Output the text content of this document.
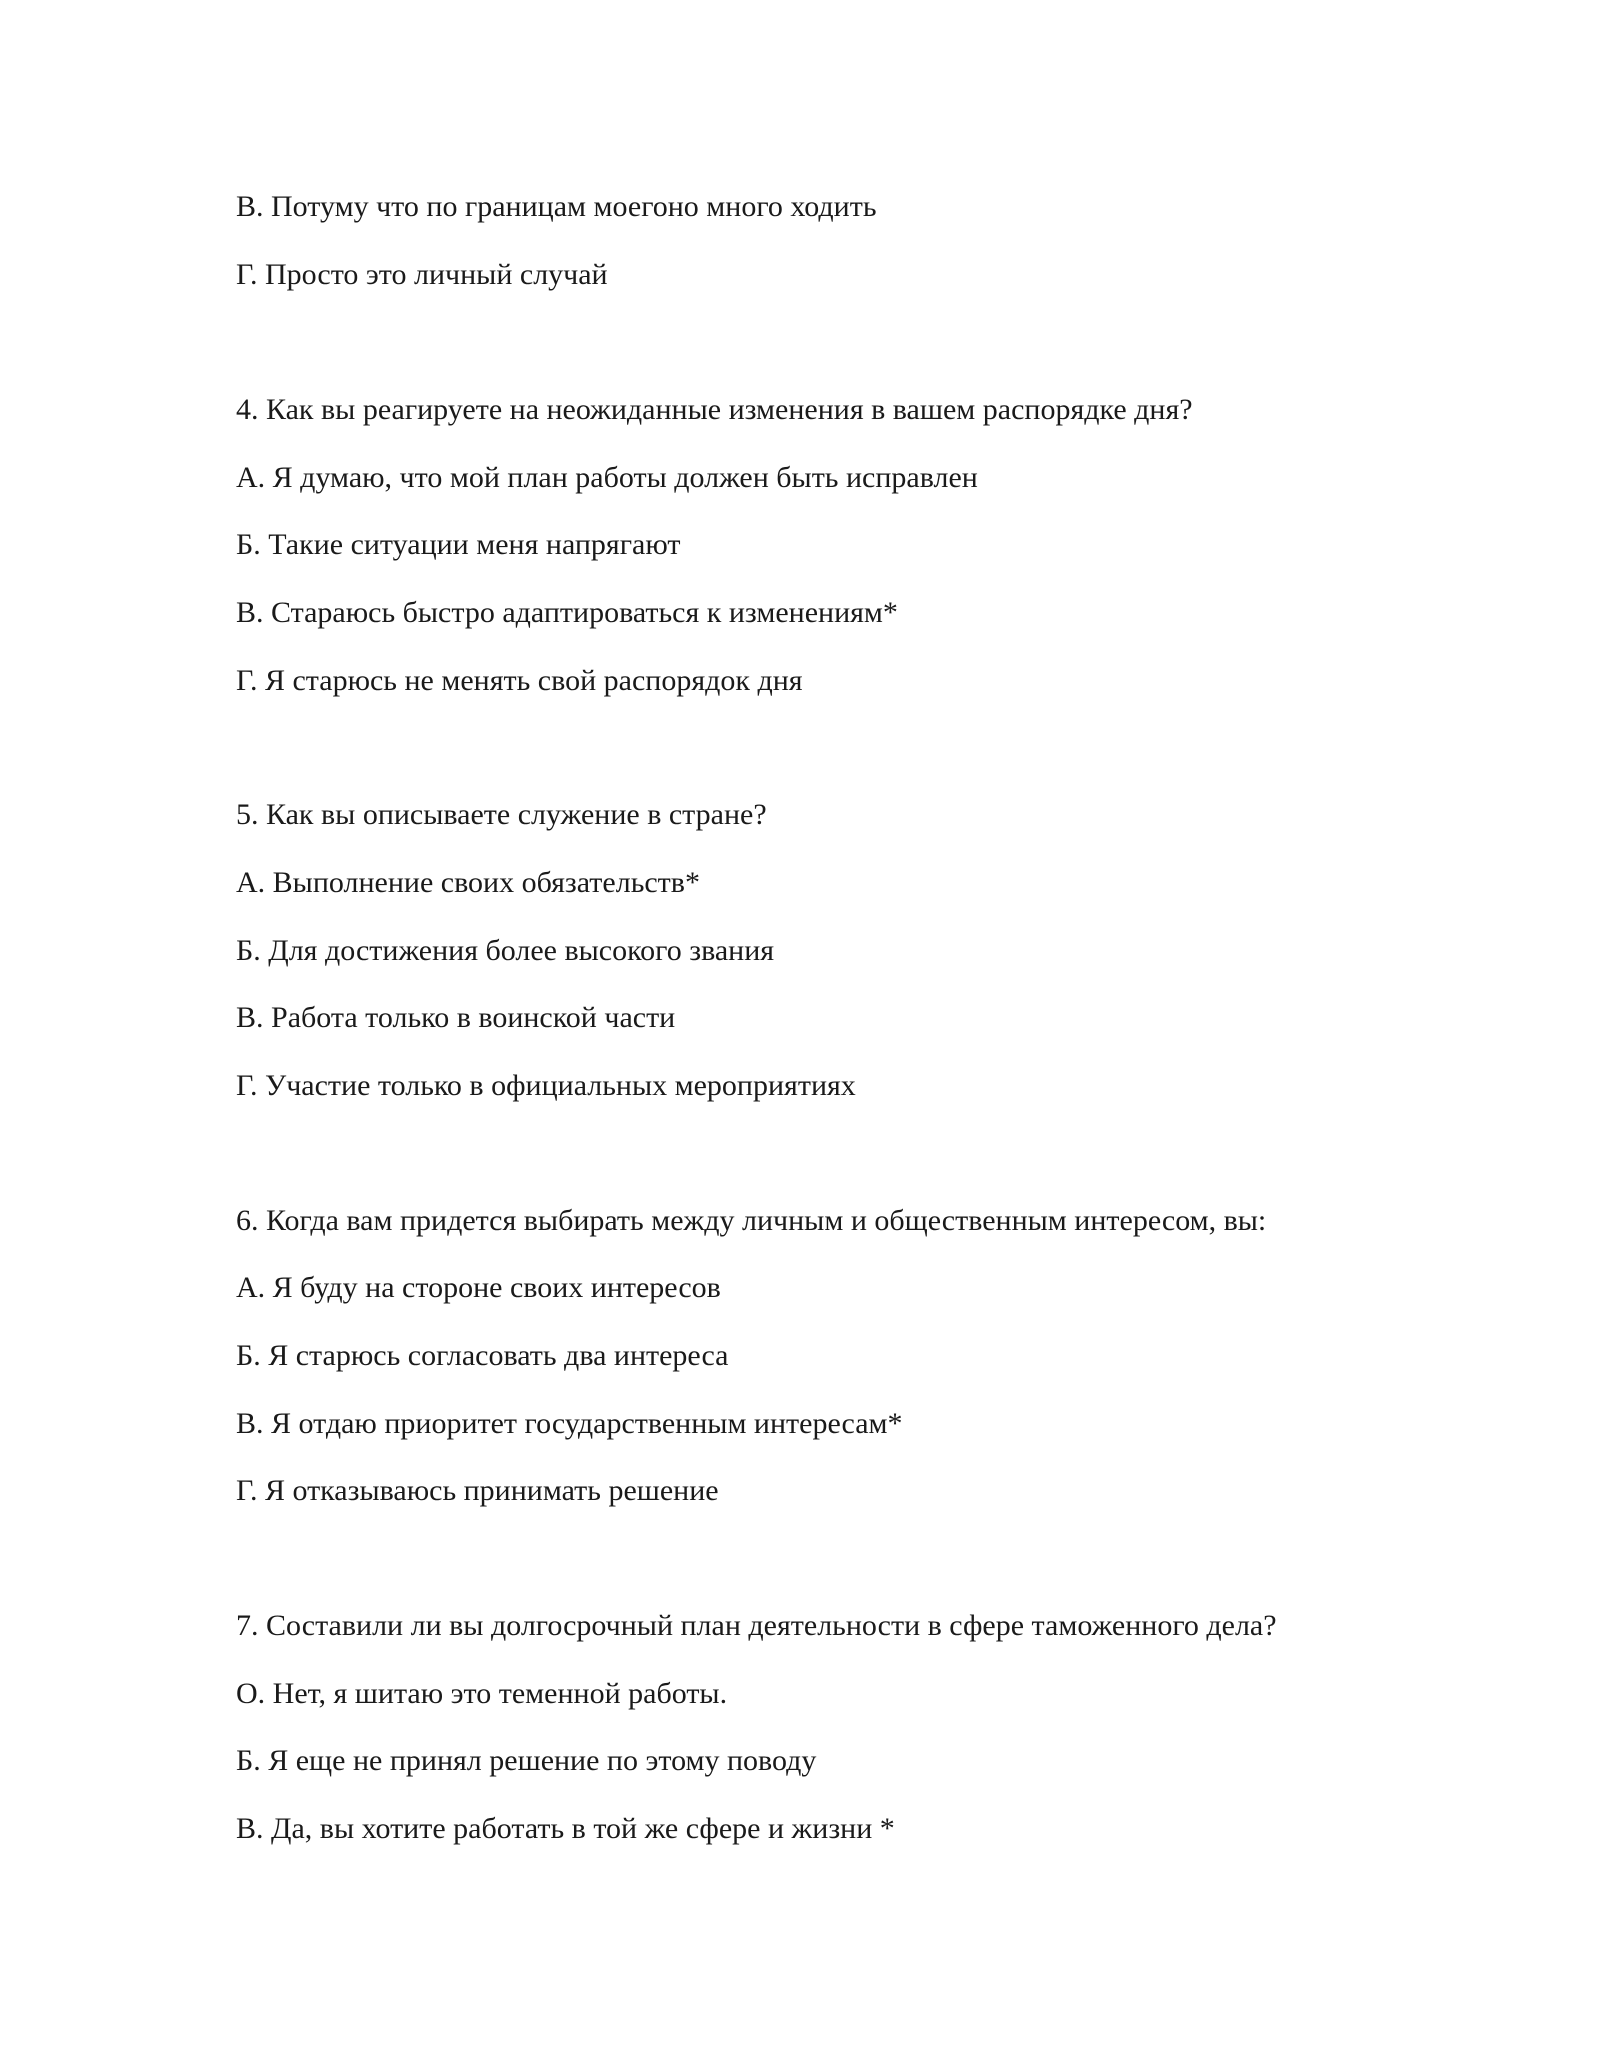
В. Потуму что по границам моегоно много ходить
Г. Просто это личный случай
4. Как вы реагируете на неожиданные изменения в вашем распорядке дня?
А. Я думаю, что мой план работы должен быть исправлен
Б. Такие ситуации меня напрягают
В. Стараюсь быстро адаптироваться к изменениям*
Г. Я старюсь не менять свой распорядок дня
5. Как вы описываете служение в стране?
А. Выполнение своих обязательств*
Б. Для достижения более высокого звания
В. Работа только в воинской части
Г. Участие только в официальных мероприятиях
6. Когда вам придется выбирать между личным и общественным интересом, вы:
А. Я буду на стороне своих интересов
Б. Я старюсь согласовать два интереса
В. Я отдаю приоритет государственным интересам*
Г. Я отказываюсь принимать решение
7. Составили ли вы долгосрочный план деятельности в сфере таможенного дела?
О. Нет, я шитаю это теменной работы.
Б. Я еще не принял решение по этому поводу
В. Да, вы хотите работать в той же сфере и жизни *
